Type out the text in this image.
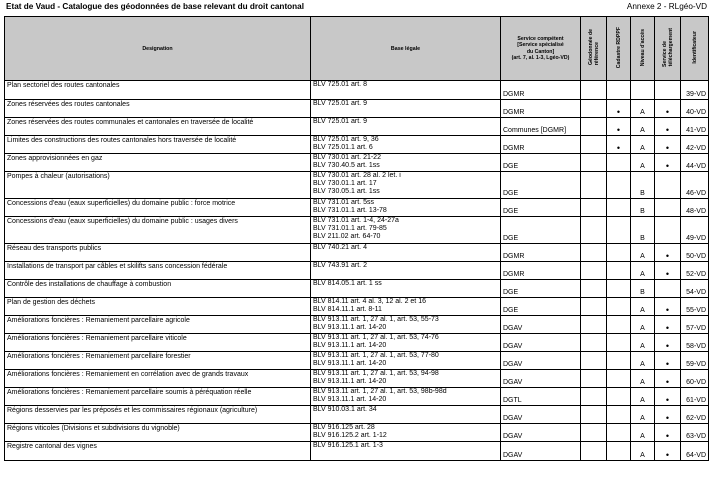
Etat de Vaud - Catalogue des géodonnées de base relevant du droit cantonal	Annexe 2 - RLgéo-VD
Designation	Base légale	Service compétent
[Service spécialisé
du Canton]
(art. 7, al. 1-3, Lgéo-VD)	Géodonnée deréférence	Cadastre RDPPF	Niveau d'accès	Service detéléchargement	Identificateur
Plan sectoriel des routes cantonales	BLV 725.01 art. 8	DGMR					39-VD
Zones réservées des routes cantonales	BLV 725.01 art. 9	DGMR		•	A	•	40-VD
Zones réservées des routes communales et cantonales en traversée de localité	BLV 725.01 art. 9	Communes [DGMR]		•	A	•	41-VD
Limites des constructions des routes cantonales hors traversée de localité	BLV 725.01 art. 9, 36
BLV 725.01.1 art. 6	DGMR		•	A	•	42-VD
Zones approvisionnées en gaz	BLV 730.01 art. 21-22
BLV 730.40.5 art. 1ss	DGE			A	•	44-VD
Pompes à chaleur (autorisations)	BLV 730.01 art. 28 al. 2 let. i
BLV 730.01.1 art. 17
BLV 730.05.1 art. 1ss	DGE			B		46-VD
Concessions d'eau (eaux superficielles) du domaine public : force motrice	BLV 731.01 art. 5ss
BLV 731.01.1 art. 13-78	DGE			B		48-VD
Concessions d'eau (eaux superficielles) du domaine public : usages divers	BLV 731.01 art. 1-4, 24-27a
BLV 731.01.1 art. 79-85
BLV 211.02 art. 64-70	DGE			B		49-VD
Réseau des transports publics	BLV 740.21 art. 4	DGMR			A	•	50-VD
Installations de transport par câbles et skilifts sans concession fédérale	BLV 743.91 art. 2	DGMR			A	•	52-VD
Contrôle des installations de chauffage à combustion	BLV 814.05.1 art. 1 ss	DGE			B		54-VD
Plan de gestion des déchets	BLV 814.11 art. 4 al. 3, 12 al. 2 et 16
BLV 814.11.1 art. 8-11	DGE			A	•	55-VD
Améliorations foncières : Remaniement parcellaire agricole	BLV 913.11 art. 1, 27 al. 1, art. 53, 55-73
BLV 913.11.1 art. 14-20	DGAV			A	•	57-VD
Améliorations foncières : Remaniement parcellaire viticole	BLV 913.11 art. 1, 27 al. 1, art. 53, 74-76
BLV 913.11.1 art. 14-20	DGAV			A	•	58-VD
Améliorations foncières : Remaniement parcellaire forestier	BLV 913.11 art. 1, 27 al. 1, art. 53, 77-80
BLV 913.11.1 art. 14-20	DGAV			A	•	59-VD
Améliorations foncières : Remaniement en corrélation avec de grands travaux	BLV 913.11 art. 1, 27 al. 1, art. 53, 94-98
BLV 913.11.1 art. 14-20	DGAV			A	•	60-VD
Améliorations foncières : Remaniement parcellaire soumis à péréquation réelle	BLV 913.11 art. 1, 27 al. 1, art. 53, 98b-98d
BLV 913.11.1 art. 14-20	DGTL			A	•	61-VD
Régions desservies par les préposés et les commissaires régionaux (agriculture)	BLV 910.03.1 art. 34	DGAV			A	•	62-VD
Régions viticoles (Divisions et subdivisions du vignoble)	BLV 916.125 art. 28
BLV 916.125.2 art. 1-12	DGAV			A	•	63-VD
Registre cantonal des vignes	BLV 916.125.1 art. 1-3	DGAV			A	•	64-VD
